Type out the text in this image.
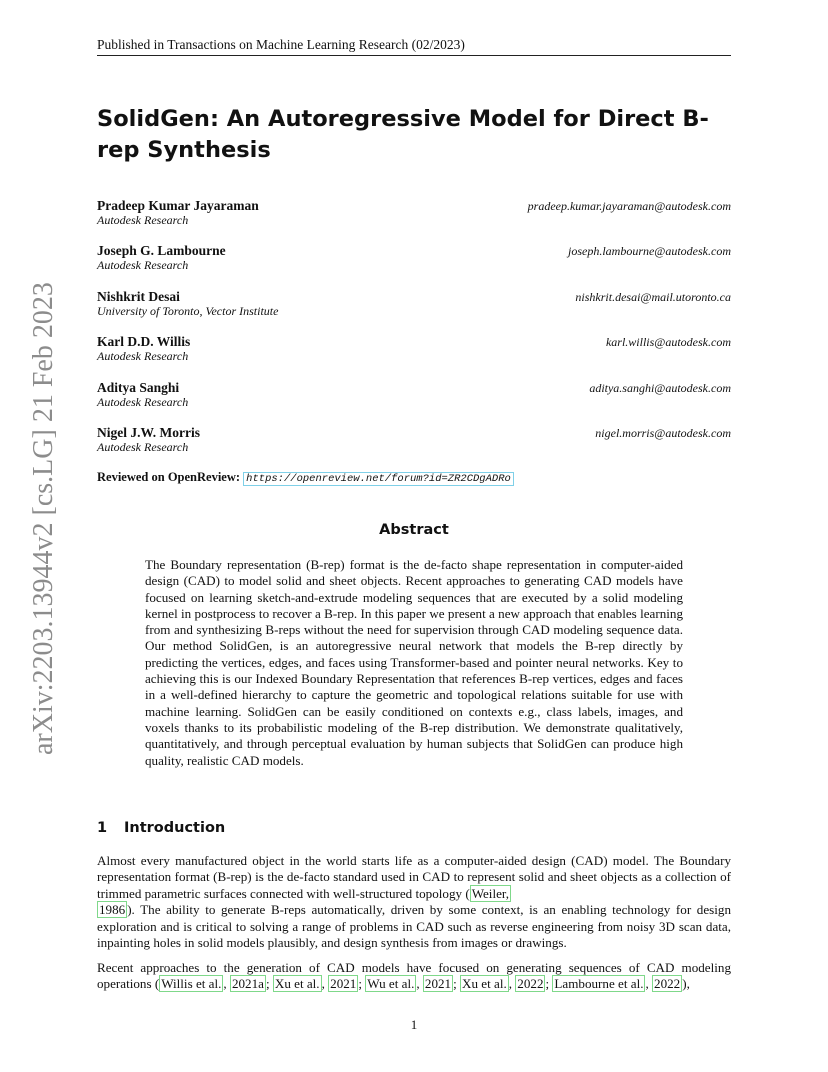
Published in Transactions on Machine Learning Research (02/2023)
arXiv:2203.13944v2 [cs.LG] 21 Feb 2023
SolidGen: An Autoregressive Model for Direct B-rep Synthesis
Pradeep Kumar Jayaraman
Autodesk Research
pradeep.kumar.jayaraman@autodesk.com
Joseph G. Lambourne
Autodesk Research
joseph.lambourne@autodesk.com
Nishkrit Desai
University of Toronto, Vector Institute
nishkrit.desai@mail.utoronto.ca
Karl D.D. Willis
Autodesk Research
karl.willis@autodesk.com
Aditya Sanghi
Autodesk Research
aditya.sanghi@autodesk.com
Nigel J.W. Morris
Autodesk Research
nigel.morris@autodesk.com
Reviewed on OpenReview: https://openreview.net/forum?id=ZR2CDgADRo
Abstract
The Boundary representation (B-rep) format is the de-facto shape representation in computer-aided design (CAD) to model solid and sheet objects. Recent approaches to generating CAD models have focused on learning sketch-and-extrude modeling sequences that are executed by a solid modeling kernel in postprocess to recover a B-rep. In this paper we present a new approach that enables learning from and synthesizing B-reps without the need for supervision through CAD modeling sequence data. Our method SolidGen, is an autoregressive neural network that models the B-rep directly by predicting the vertices, edges, and faces using Transformer-based and pointer neural networks. Key to achieving this is our Indexed Boundary Representation that references B-rep vertices, edges and faces in a well-defined hierarchy to capture the geometric and topological relations suitable for use with machine learning. SolidGen can be easily conditioned on contexts e.g., class labels, images, and voxels thanks to its probabilistic modeling of the B-rep distribution. We demonstrate qualitatively, quantitatively, and through perceptual evaluation by human subjects that SolidGen can produce high quality, realistic CAD models.
1 Introduction
Almost every manufactured object in the world starts life as a computer-aided design (CAD) model. The Boundary representation format (B-rep) is the de-facto standard used in CAD to represent solid and sheet objects as a collection of trimmed parametric surfaces connected with well-structured topology ( Weiler,
1986 ). The ability to generate B-reps automatically, driven by some context, is an enabling technology for design exploration and is critical to solving a range of problems in CAD such as reverse engineering from noisy 3D scan data, inpainting holes in solid models plausibly, and design synthesis from images or drawings.
Recent approaches to the generation of CAD models have focused on generating sequences of CAD modeling operations ( Willis et al. , 2021a ; Xu et al. , 2021 ; Wu et al. , 2021 ; Xu et al. , 2022 ; Lambourne et al. , 2022 ),
1
